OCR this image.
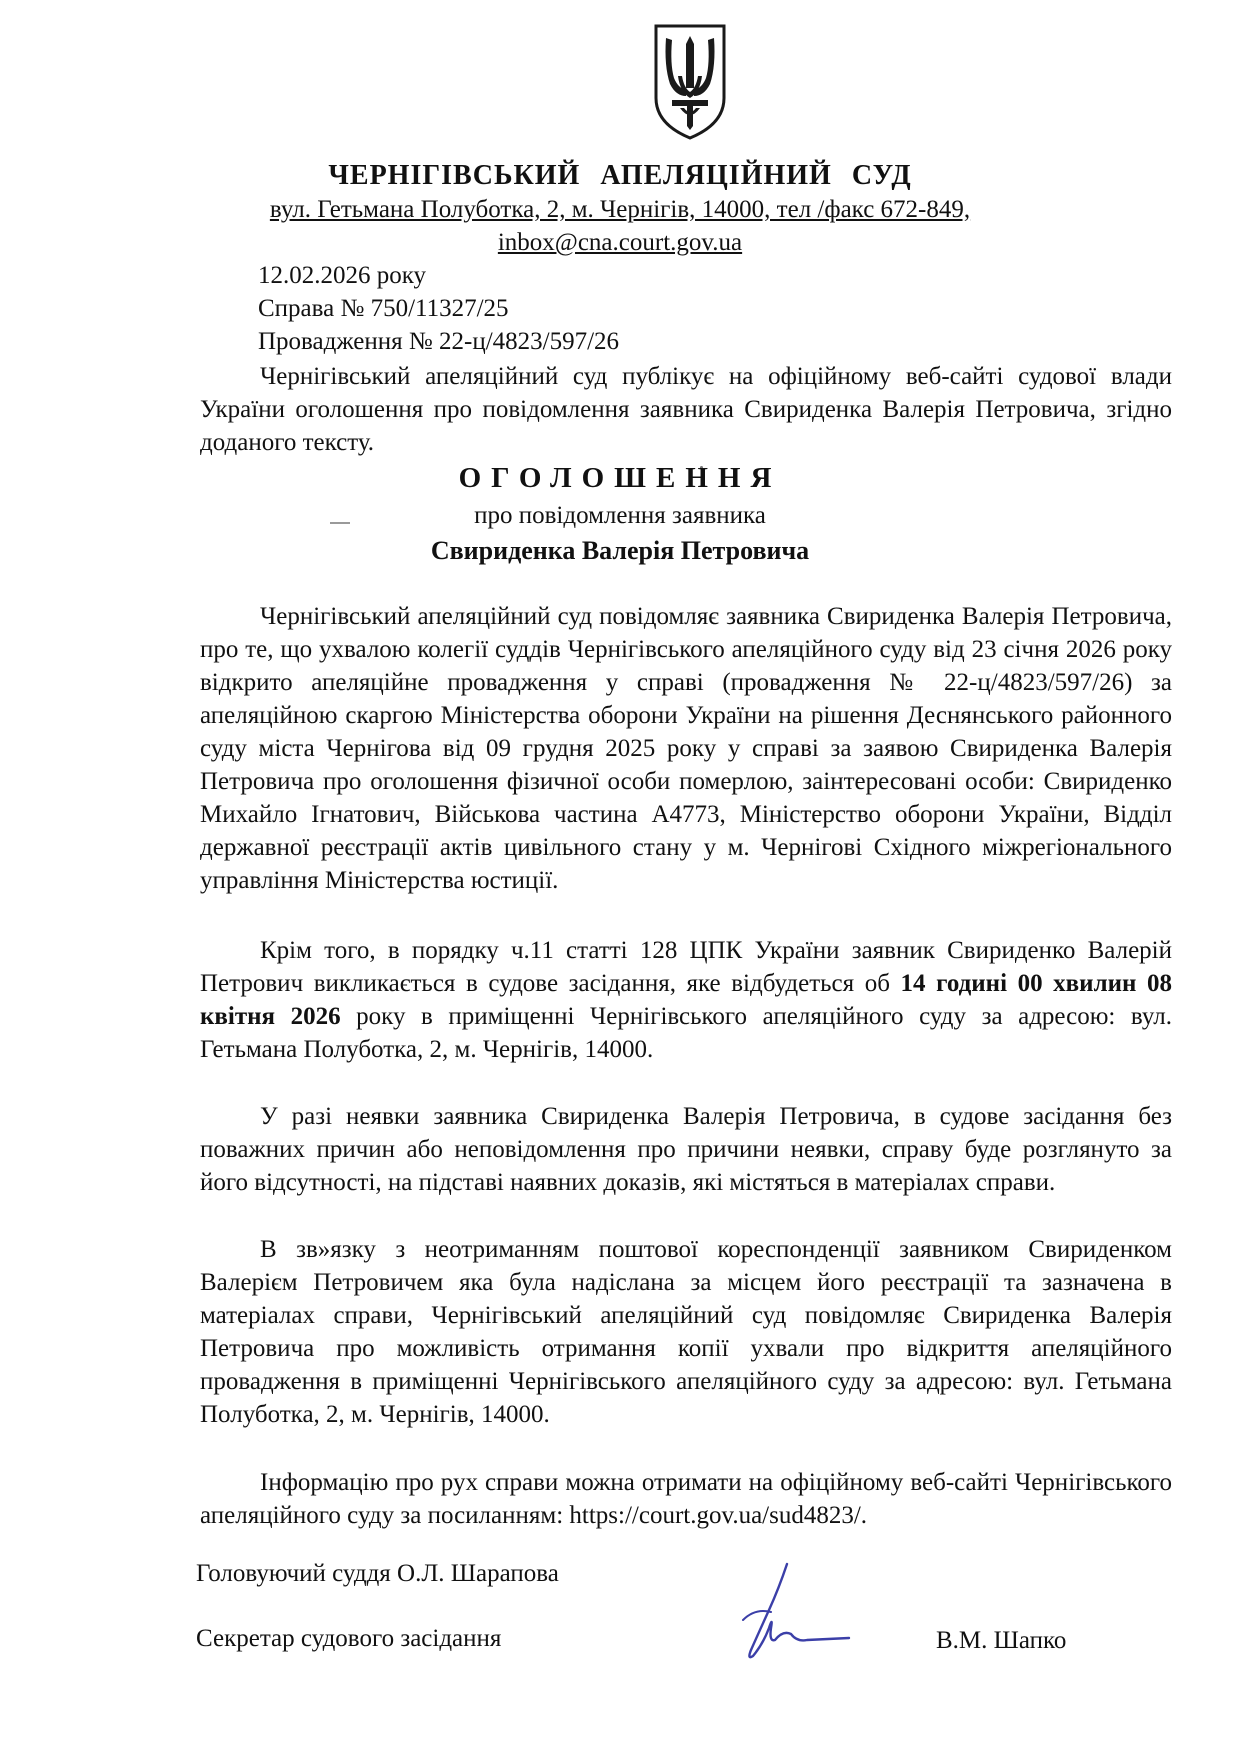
ЧЕРНІГІВСЬКИЙ АПЕЛЯЦІЙНИЙ СУД
вул. Гетьмана Полуботка, 2, м. Чернігів, 14000, тел /факс 672-849,
inbox@cna.court.gov.ua
12.02.2026 року
Справа № 750/11327/25
Провадження № 22-ц/4823/597/26
Чернігівський апеляційний суд публікує на офіційному веб-сайті судової влади України оголошення про повідомлення заявника Свириденка Валерія Петровича, згідно доданого тексту.
ОГОЛОШЕННЯ
про повідомлення заявника
Свириденка Валерія Петровича
Чернігівський апеляційний суд повідомляє заявника Свириденка Валерія Петровича, про те, що ухвалою колегії суддів Чернігівського апеляційного суду від 23 січня 2026 року відкрито апеляційне провадження у справі (провадження № 22-ц/4823/597/26) за апеляційною скаргою Міністерства оборони України на рішення Деснянського районного суду міста Чернігова від 09 грудня 2025 року у справі за заявою Свириденка Валерія Петровича про оголошення фізичної особи померлою, заінтересовані особи: Свириденко Михайло Ігнатович, Військова частина А4773, Міністерство оборони України, Відділ державної реєстрації актів цивільного стану у м. Чернігові Східного міжрегіонального управління Міністерства юстиції.
Крім того, в порядку ч.11 статті 128 ЦПК України заявник Свириденко Валерій Петрович викликається в судове засідання, яке відбудеться об 14 годині 00 хвилин 08 квітня 2026 року в приміщенні Чернігівського апеляційного суду за адресою: вул. Гетьмана Полуботка, 2, м. Чернігів, 14000.
У разі неявки заявника Свириденка Валерія Петровича, в судове засідання без поважних причин або неповідомлення про причини неявки, справу буде розглянуто за його відсутності, на підставі наявних доказів, які містяться в матеріалах справи.
В зв»язку з неотриманням поштової кореспонденції заявником Свириденком Валерієм Петровичем яка була надіслана за місцем його реєстрації та зазначена в матеріалах справи, Чернігівський апеляційний суд повідомляє Свириденка Валерія Петровича про можливість отримання копії ухвали про відкриття апеляційного провадження в приміщенні Чернігівського апеляційного суду за адресою: вул. Гетьмана Полуботка, 2, м. Чернігів, 14000.
Інформацію про рух справи можна отримати на офіційному веб-сайті Чернігівського апеляційного суду за посиланням: https://court.gov.ua/sud4823/.
Головуючий суддя О.Л. Шарапова
Секретар судового засідання	В.М. Шапко
